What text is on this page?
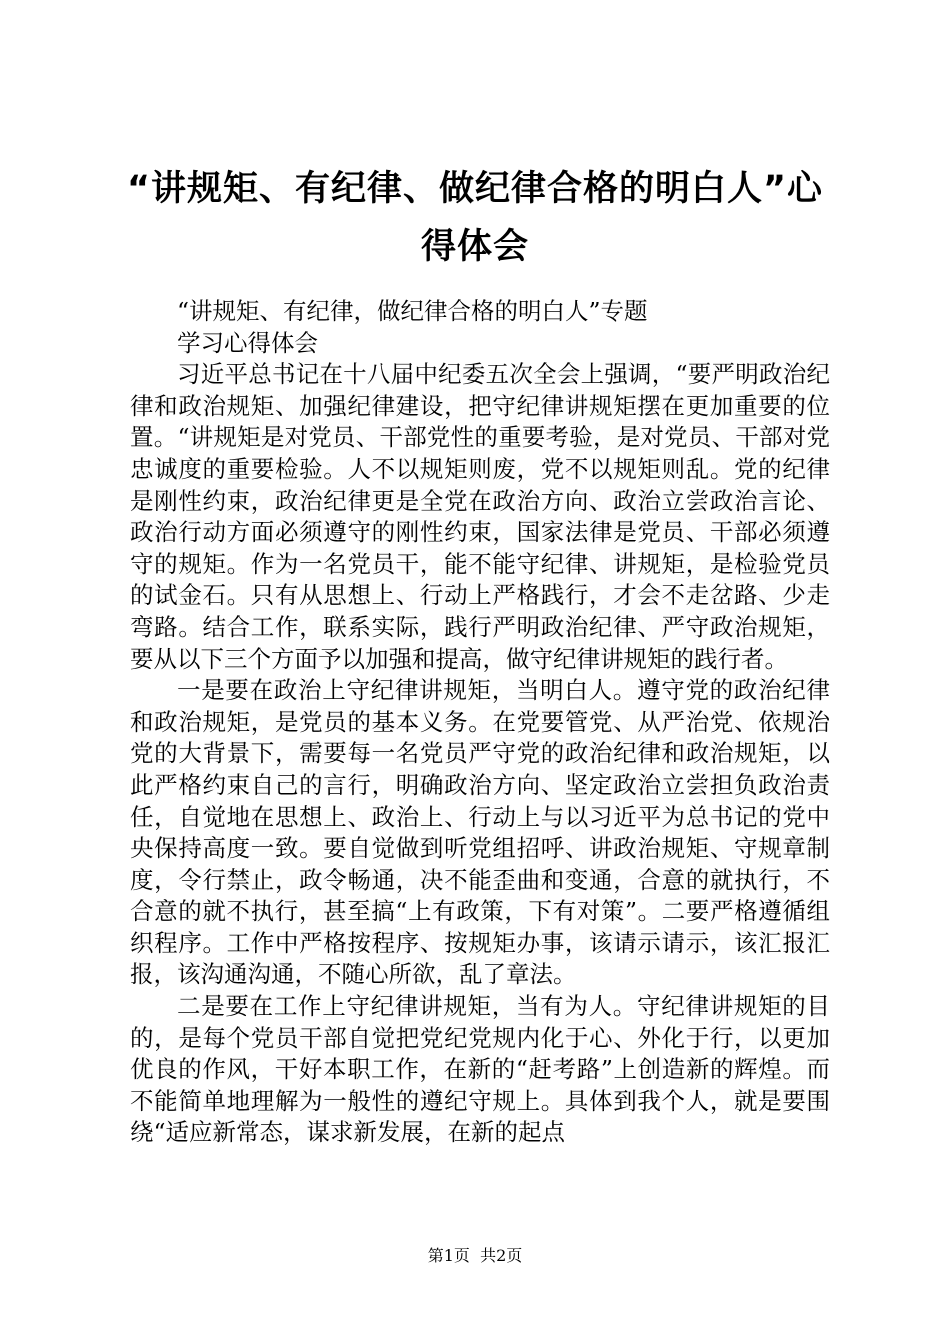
“讲规矩、有纪律、做纪律合格的明白人”心得体会

“讲规矩、有纪律，做纪律合格的明白人”专题

学习心得体会

习近平总书记在十八届中纪委五次全会上强调，“要严明政治纪律和政治规矩、加强纪律建设，把守纪律讲规矩摆在更加重要的位置。“讲规矩是对党员、干部党性的重要考验，是对党员、干部对党忠诚度的重要检验。人不以规矩则废，党不以规矩则乱。党的纪律是刚性约束，政治纪律更是全党在政治方向、政治立尝政治言论、政治行动方面必须遵守的刚性约束，国家法律是党员、干部必须遵守的规矩。作为一名党员干，能不能守纪律、讲规矩，是检验党员的试金石。只有从思想上、行动上严格践行，才会不走岔路、少走弯路。结合工作，联系实际，践行严明政治纪律、严守政治规矩，要从以下三个方面予以加强和提高，做守纪律讲规矩的践行者。

一是要在政治上守纪律讲规矩，当明白人。遵守党的政治纪律和政治规矩，是党员的基本义务。在党要管党、从严治党、依规治党的大背景下，需要每一名党员严守党的政治纪律和政治规矩，以此严格约束自己的言行，明确政治方向、坚定政治立尝担负政治责任，自觉地在思想上、政治上、行动上与以习近平为总书记的党中央保持高度一致。要自觉做到听党组招呼、讲政治规矩、守规章制度，令行禁止，政令畅通，决不能歪曲和变通，合意的就执行，不合意的就不执行，甚至搞“上有政策，下有对策”。二要严格遵循组织程序。工作中严格按程序、按规矩办事，该请示请示，该汇报汇报，该沟通沟通，不随心所欲，乱了章法。

二是要在工作上守纪律讲规矩，当有为人。守纪律讲规矩的目的，是每个党员干部自觉把党纪党规内化于心、外化于行，以更加优良的作风，干好本职工作，在新的“赶考路”上创造新的辉煌。而不能简单地理解为一般性的遵纪守规上。具体到我个人，就是要围绕“适应新常态，谋求新发展，在新的起点

第1页  共2页
